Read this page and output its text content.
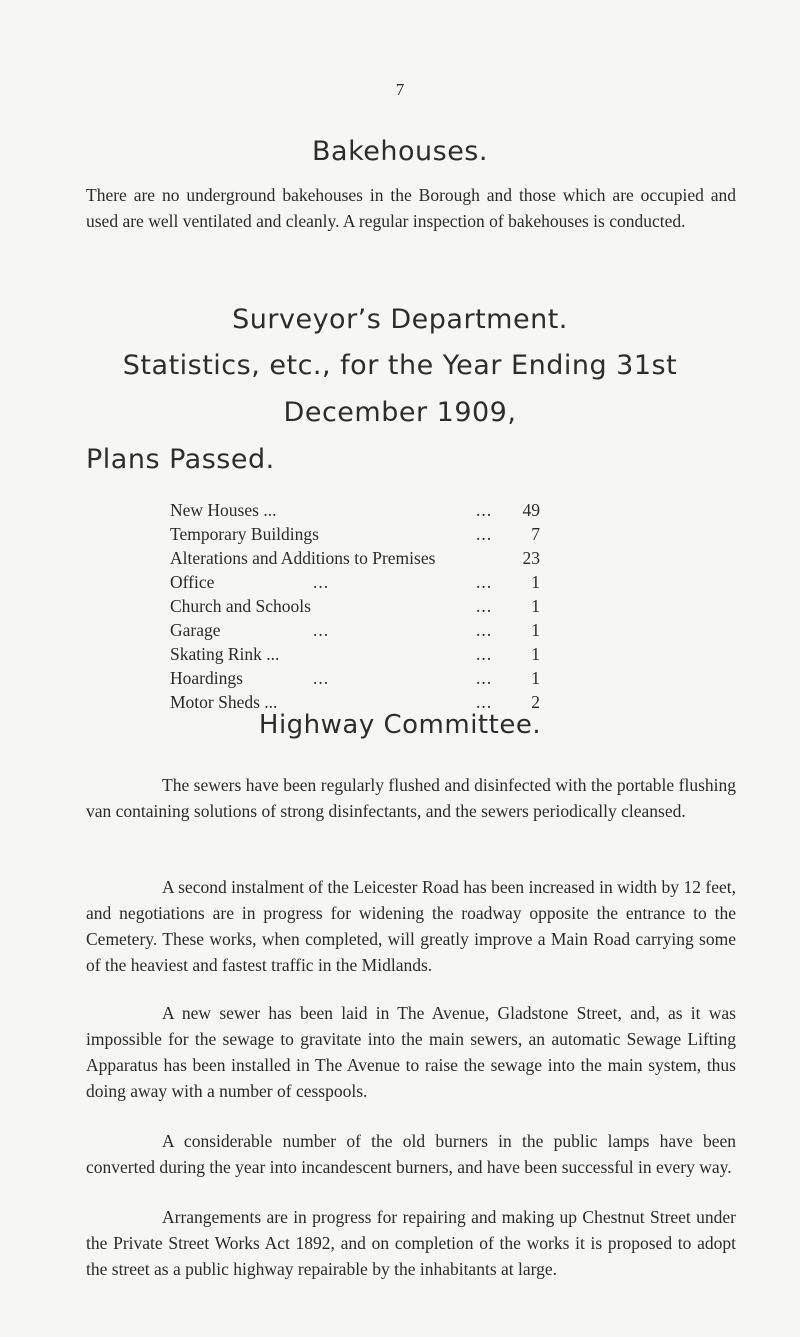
7
Bakehouses.

There are no underground bakehouses in the Borough and those which are occupied and used are well ventilated and cleanly. A regular inspection of bakehouses is conducted.

Surveyor’s Department.
Statistics, etc., for the Year Ending 31st
December 1909,
Plans Passed.
New Houses ...	... 49
Temporary Buildings	... 7
Alterations and Additions to Premises	23
Office	...	... 1
Church and Schools	... 1
Garage	...	... 1
Skating Rink ...	... 1
Hoardings	...	... 1
Motor Sheds ...	... 2
Highway Committee.

The sewers have been regularly flushed and disinfected with the portable flushing van containing solutions of strong disinfectants, and the sewers periodically cleansed.

A second instalment of the Leicester Road has been increased in width by 12 feet, and negotiations are in progress for widening the roadway opposite the entrance to the Cemetery. These works, when completed, will greatly improve a Main Road carrying some of the heaviest and fastest traffic in the Midlands.

A new sewer has been laid in The Avenue, Gladstone Street, and, as it was impossible for the sewage to gravitate into the main sewers, an automatic Sewage Lifting Apparatus has been installed in The Avenue to raise the sewage into the main system, thus doing away with a number of cesspools.

A considerable number of the old burners in the public lamps have been converted during the year into incandescent burners, and have been successful in every way.

Arrangements are in progress for repairing and making up Chestnut Street under the Private Street Works Act 1892, and on completion of the works it is proposed to adopt the street as a public highway repairable by the inhabitants at large.
